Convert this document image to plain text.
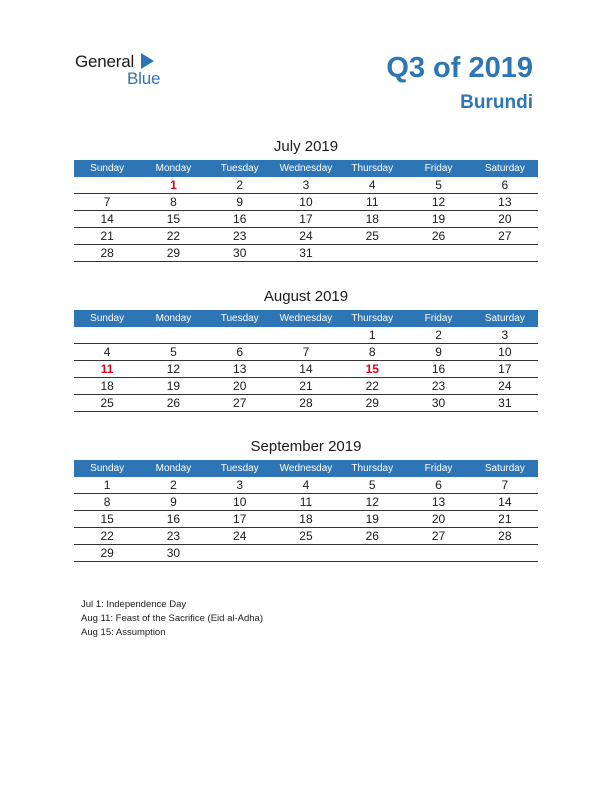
General
Blue	Q3 of 2019
Burundi
July 2019
Sunday	Monday	Tuesday	Wednesday	Thursday	Friday	Saturday
	1	2	3	4	5	6
7	8	9	10	11	12	13
14	15	16	17	18	19	20
21	22	23	24	25	26	27
28	29	30	31			
August 2019
Sunday	Monday	Tuesday	Wednesday	Thursday	Friday	Saturday
				1	2	3
4	5	6	7	8	9	10
11	12	13	14	15	16	17
18	19	20	21	22	23	24
25	26	27	28	29	30	31
September 2019
Sunday	Monday	Tuesday	Wednesday	Thursday	Friday	Saturday
1	2	3	4	5	6	7
8	9	10	11	12	13	14
15	16	17	18	19	20	21
22	23	24	25	26	27	28
29	30					
Jul 1: Independence Day
Aug 11: Feast of the Sacrifice (Eid al-Adha)
Aug 15: Assumption
